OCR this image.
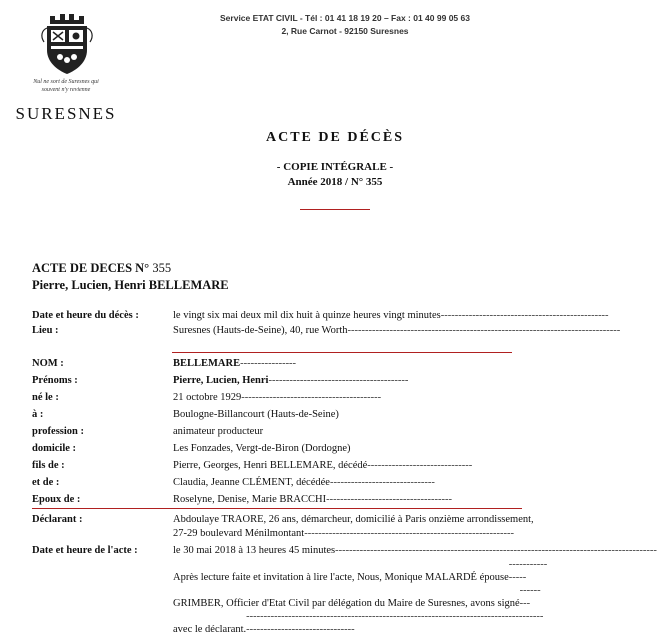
Service ETAT CIVIL - Tél : 01 41 18 19 20 – Fax : 01 40 99 05 63
2, Rue Carnot - 92150 Suresnes
Nul ne sort de Suresnes qui
souvent n'y revienne
SURESNES
ACTE DE DÉCÈS
- COPIE INTÉGRALE -
Année 2018 / N° 355
ACTE DE DECES N° 355
Pierre, Lucien, Henri BELLEMARE
Date et heure du décès :	le vingt six mai deux mil dix huit à quinze heures vingt minutes------------------------------------------------
Lieu :	Suresnes (Hauts-de-Seine), 40, rue Worth------------------------------------------------------------------------------
NOM :	BELLEMARE----------------
Prénoms :	Pierre, Lucien, Henri----------------------------------------
né le :	21 octobre 1929----------------------------------------
à :	Boulogne-Billancourt (Hauts-de-Seine)
profession :	animateur producteur
domicile :	Les Fonzades, Vergt-de-Biron (Dordogne)
fils de :	Pierre, Georges, Henri BELLEMARE, décédé------------------------------
et de :	Claudia, Jeanne CLÉMENT, décédée------------------------------
Epoux de :	Roselyne, Denise, Marie BRACCHI------------------------------------
Déclarant :	Abdoulaye TRAORE, 26 ans, démarcheur, domicilié à Paris onzième arrondissement,
27-29 boulevard Ménilmontant------------------------------------------------------------
Date et heure de l'acte :	le 30 mai 2018 à 13 heures 45 minutes--------------------------------------------------------------------------------------------
Après lecture faite et invitation à lire l'acte, Nous, Monique MALARDÉ épouse----------------
GRIMBER, Officier d'Etat Civil par délégation du Maire de Suresnes, avons signé---------
avec le déclarant.--------------------------------------------------------------------------------------------------------------------
